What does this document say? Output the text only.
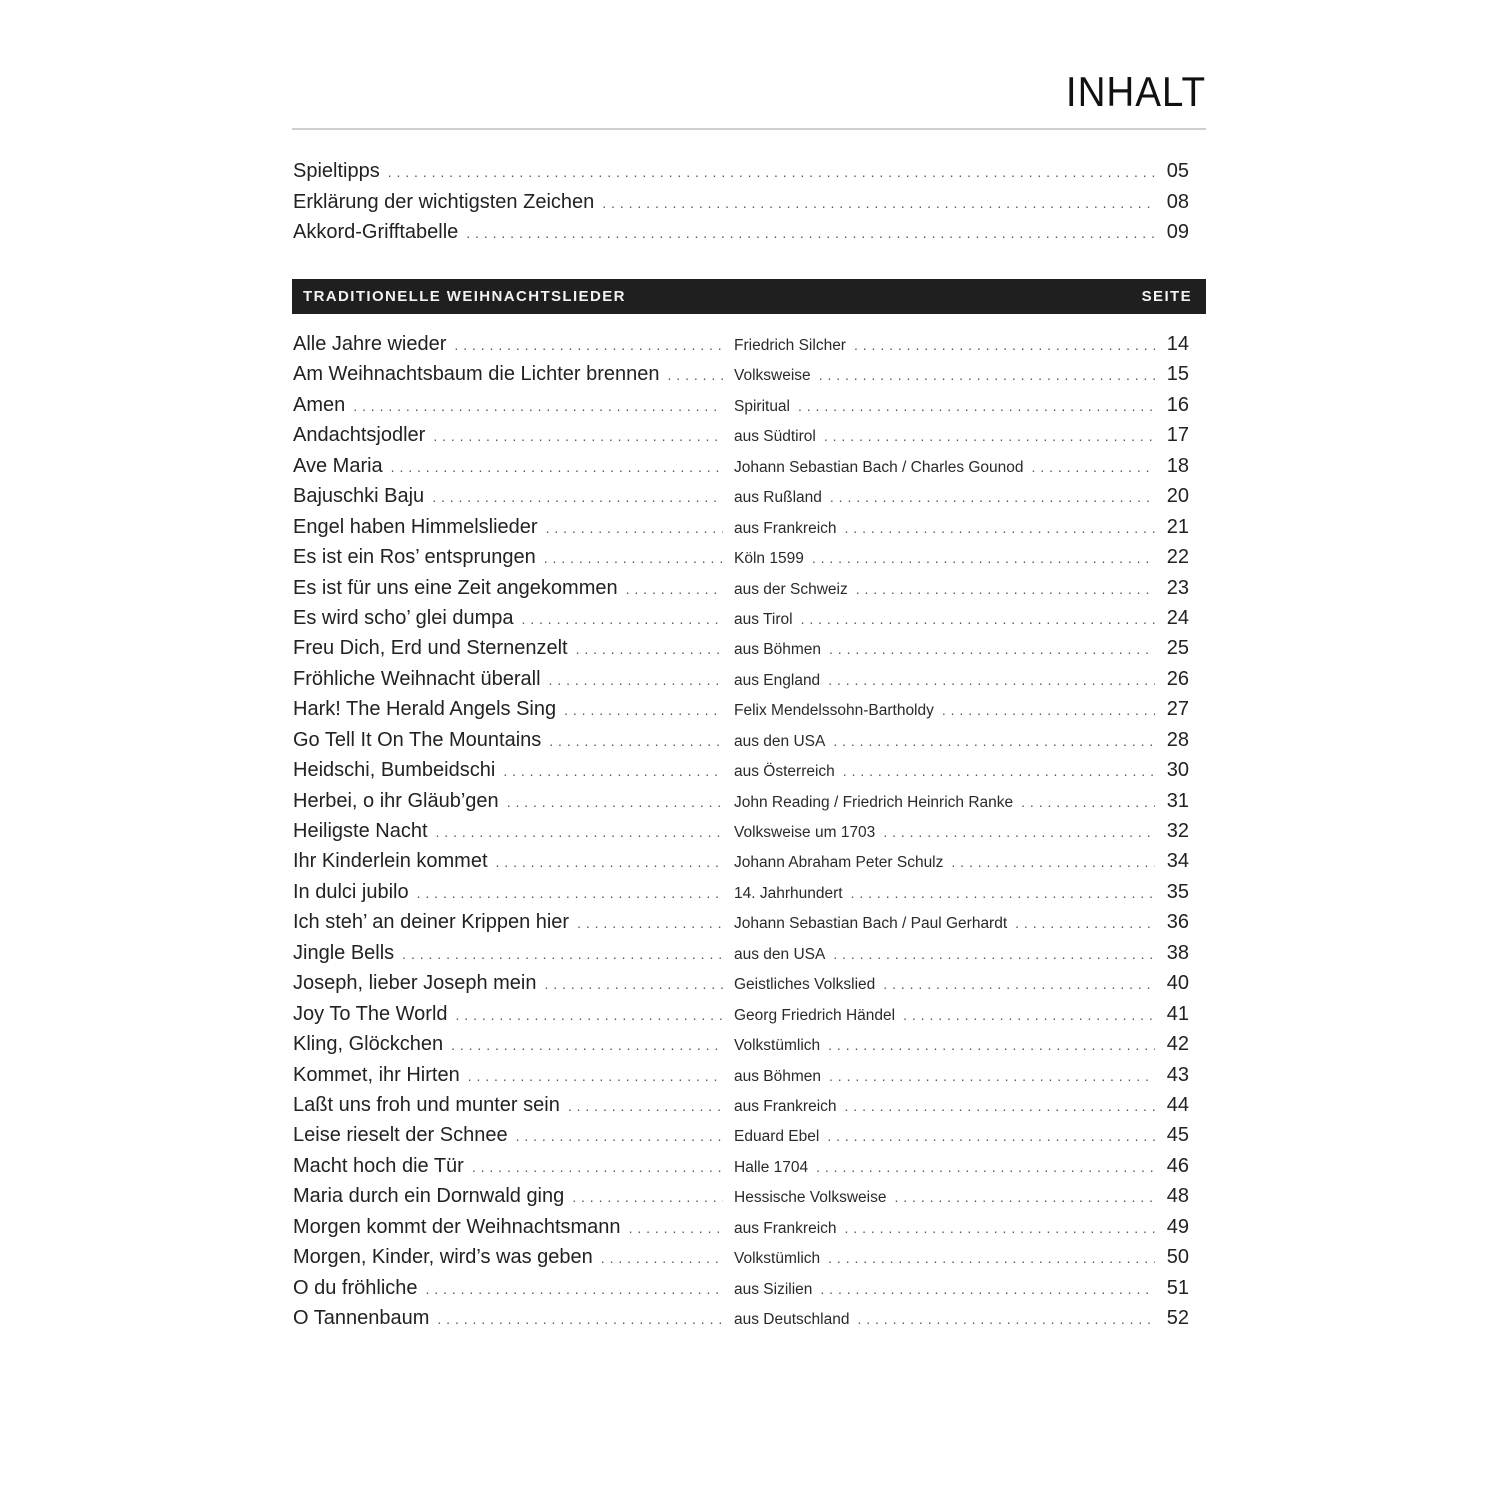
INHALT
Spieltipps . . .	05
Erklärung der wichtigsten Zeichen . . .	08
Akkord-Grifftabelle . . .	09
TRADITIONELLE WEIHNACHTSLIEDER	SEITE
Alle Jahre wieder . . .	Friedrich Silcher . . .	14
Am Weihnachtsbaum die Lichter brennen . . .	Volksweise . . .	15
Amen . . .	Spiritual . . .	16
Andachtsjodler . . .	aus Südtirol . . .	17
Ave Maria . . .	Johann Sebastian Bach / Charles Gounod . . .	18
Bajuschki Baju . . .	aus Rußland . . .	20
Engel haben Himmelslieder . . .	aus Frankreich . . .	21
Es ist ein Ros’ entsprungen . . .	Köln 1599 . . .	22
Es ist für uns eine Zeit angekommen . . .	aus der Schweiz . . .	23
Es wird scho’ glei dumpa . . .	aus Tirol . . .	24
Freu Dich, Erd und Sternenzelt . . .	aus Böhmen . . .	25
Fröhliche Weihnacht überall . . .	aus England . . .	26
Hark! The Herald Angels Sing . . .	Felix Mendelssohn-Bartholdy . . .	27
Go Tell It On The Mountains . . .	aus den USA . . .	28
Heidschi, Bumbeidschi . . .	aus Österreich . . .	30
Herbei, o ihr Gläub’gen . . .	John Reading / Friedrich Heinrich Ranke . . .	31
Heiligste Nacht . . .	Volksweise um 1703 . . .	32
Ihr Kinderlein kommet . . .	Johann Abraham Peter Schulz . . .	34
In dulci jubilo . . .	14. Jahrhundert . . .	35
Ich steh’ an deiner Krippen hier . . .	Johann Sebastian Bach / Paul Gerhardt . . .	36
Jingle Bells . . .	aus den USA . . .	38
Joseph, lieber Joseph mein . . .	Geistliches Volkslied . . .	40
Joy To The World . . .	Georg Friedrich Händel . . .	41
Kling, Glöckchen . . .	Volkstümlich . . .	42
Kommet, ihr Hirten . . .	aus Böhmen . . .	43
Laßt uns froh und munter sein . . .	aus Frankreich . . .	44
Leise rieselt der Schnee . . .	Eduard Ebel . . .	45
Macht hoch die Tür . . .	Halle 1704 . . .	46
Maria durch ein Dornwald ging . . .	Hessische Volksweise . . .	48
Morgen kommt der Weihnachtsmann . . .	aus Frankreich . . .	49
Morgen, Kinder, wird’s was geben . . .	Volkstümlich . . .	50
O du fröhliche . . .	aus Sizilien . . .	51
O Tannenbaum . . .	aus Deutschland . . .	52
